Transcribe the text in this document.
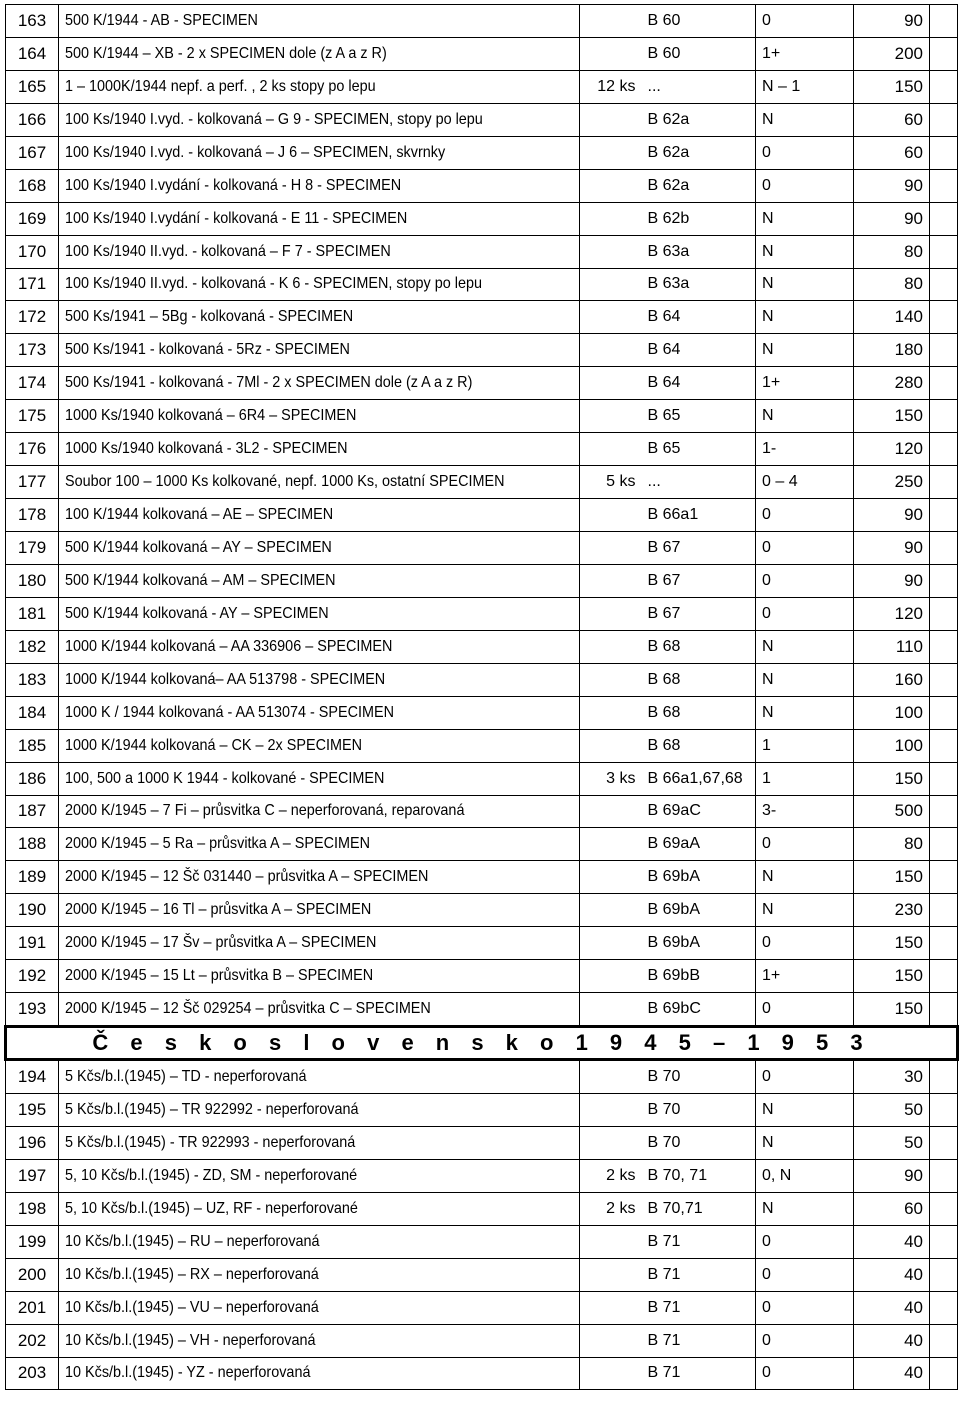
163	500 K/1944 - AB - SPECIMEN		B 60	0	90	
164	500 K/1944 – XB - 2 x SPECIMEN dole (z A a z R)		B 60	1+	200	
165	1 – 1000K/1944 nepf. a perf. , 2 ks stopy po lepu	12 ks	...	N – 1	150	
166	100 Ks/1940 I.vyd. - kolkovaná – G 9 - SPECIMEN, stopy po lepu		B 62a	N	60	
167	100 Ks/1940 I.vyd. - kolkovaná – J 6 – SPECIMEN, skvrnky		B 62a	0	60	
168	100 Ks/1940 I.vydání - kolkovaná - H 8 - SPECIMEN		B 62a	0	90	
169	100 Ks/1940 I.vydání - kolkovaná - E 11 - SPECIMEN		B 62b	N	90	
170	100 Ks/1940 II.vyd. - kolkovaná – F 7 - SPECIMEN		B 63a	N	80	
171	100 Ks/1940 II.vyd. - kolkovaná - K 6 - SPECIMEN, stopy po lepu		B 63a	N	80	
172	500 Ks/1941 – 5Bg - kolkovaná - SPECIMEN		B 64	N	140	
173	500 Ks/1941 - kolkovaná - 5Rz - SPECIMEN		B 64	N	180	
174	500 Ks/1941 - kolkovaná - 7Ml - 2 x SPECIMEN dole (z A a z R)		B 64	1+	280	
175	1000 Ks/1940 kolkovaná – 6R4 – SPECIMEN		B 65	N	150	
176	1000 Ks/1940 kolkovaná - 3L2 - SPECIMEN		B 65	1-	120	
177	Soubor 100 – 1000 Ks kolkované, nepf. 1000 Ks, ostatní SPECIMEN	5 ks	...	0 – 4	250	
178	100 K/1944 kolkovaná – AE – SPECIMEN		B 66a1	0	90	
179	500 K/1944 kolkovaná – AY – SPECIMEN		B 67	0	90	
180	500 K/1944 kolkovaná – AM – SPECIMEN		B 67	0	90	
181	500 K/1944 kolkovaná - AY – SPECIMEN		B 67	0	120	
182	1000 K/1944 kolkovaná – AA 336906 – SPECIMEN		B 68	N	110	
183	1000 K/1944 kolkovaná– AA 513798 - SPECIMEN		B 68	N	160	
184	1000 K / 1944 kolkovaná - AA 513074 - SPECIMEN		B 68	N	100	
185	1000 K/1944 kolkovaná – CK – 2x SPECIMEN		B 68	1	100	
186	100, 500 a 1000 K 1944 - kolkované - SPECIMEN	3 ks	B 66a1,67,68	1	150	
187	2000 K/1945 – 7 Fi – průsvitka C – neperforovaná, reparovaná		B 69aC	3-	500	
188	2000 K/1945 – 5 Ra – průsvitka A – SPECIMEN		B 69aA	0	80	
189	2000 K/1945 – 12 Šč 031440 – průsvitka A – SPECIMEN		B 69bA	N	150	
190	2000 K/1945 – 16 Tl – průsvitka A – SPECIMEN		B 69bA	N	230	
191	2000 K/1945 – 17 Šv – průsvitka A – SPECIMEN		B 69bA	0	150	
192	2000 K/1945 – 15 Lt – průsvitka B – SPECIMEN		B 69bB	1+	150	
193	2000 K/1945 – 12 Šč 029254 – průsvitka C – SPECIMEN		B 69bC	0	150	
Č e s k o s l o v e n s k o 1 9 4 5 – 1 9 5 3						
194	5 Kčs/b.l.(1945) – TD - neperforovaná		B 70	0	30	
195	5 Kčs/b.l.(1945) – TR 922992 - neperforovaná		B 70	N	50	
196	5 Kčs/b.l.(1945) - TR 922993 - neperforovaná		B 70	N	50	
197	5, 10 Kčs/b.l.(1945) - ZD, SM - neperforované	2 ks	B 70, 71	0, N	90	
198	5, 10 Kčs/b.l.(1945) – UZ, RF - neperforované	2 ks	B 70,71	N	60	
199	10 Kčs/b.l.(1945) – RU – neperforovaná		B 71	0	40	
200	10 Kčs/b.l.(1945) – RX – neperforovaná		B 71	0	40	
201	10 Kčs/b.l.(1945) – VU – neperforovaná		B 71	0	40	
202	10 Kčs/b.l.(1945) – VH - neperforovaná		B 71	0	40	
203	10 Kčs/b.l.(1945) - YZ - neperforovaná		B 71	0	40	
